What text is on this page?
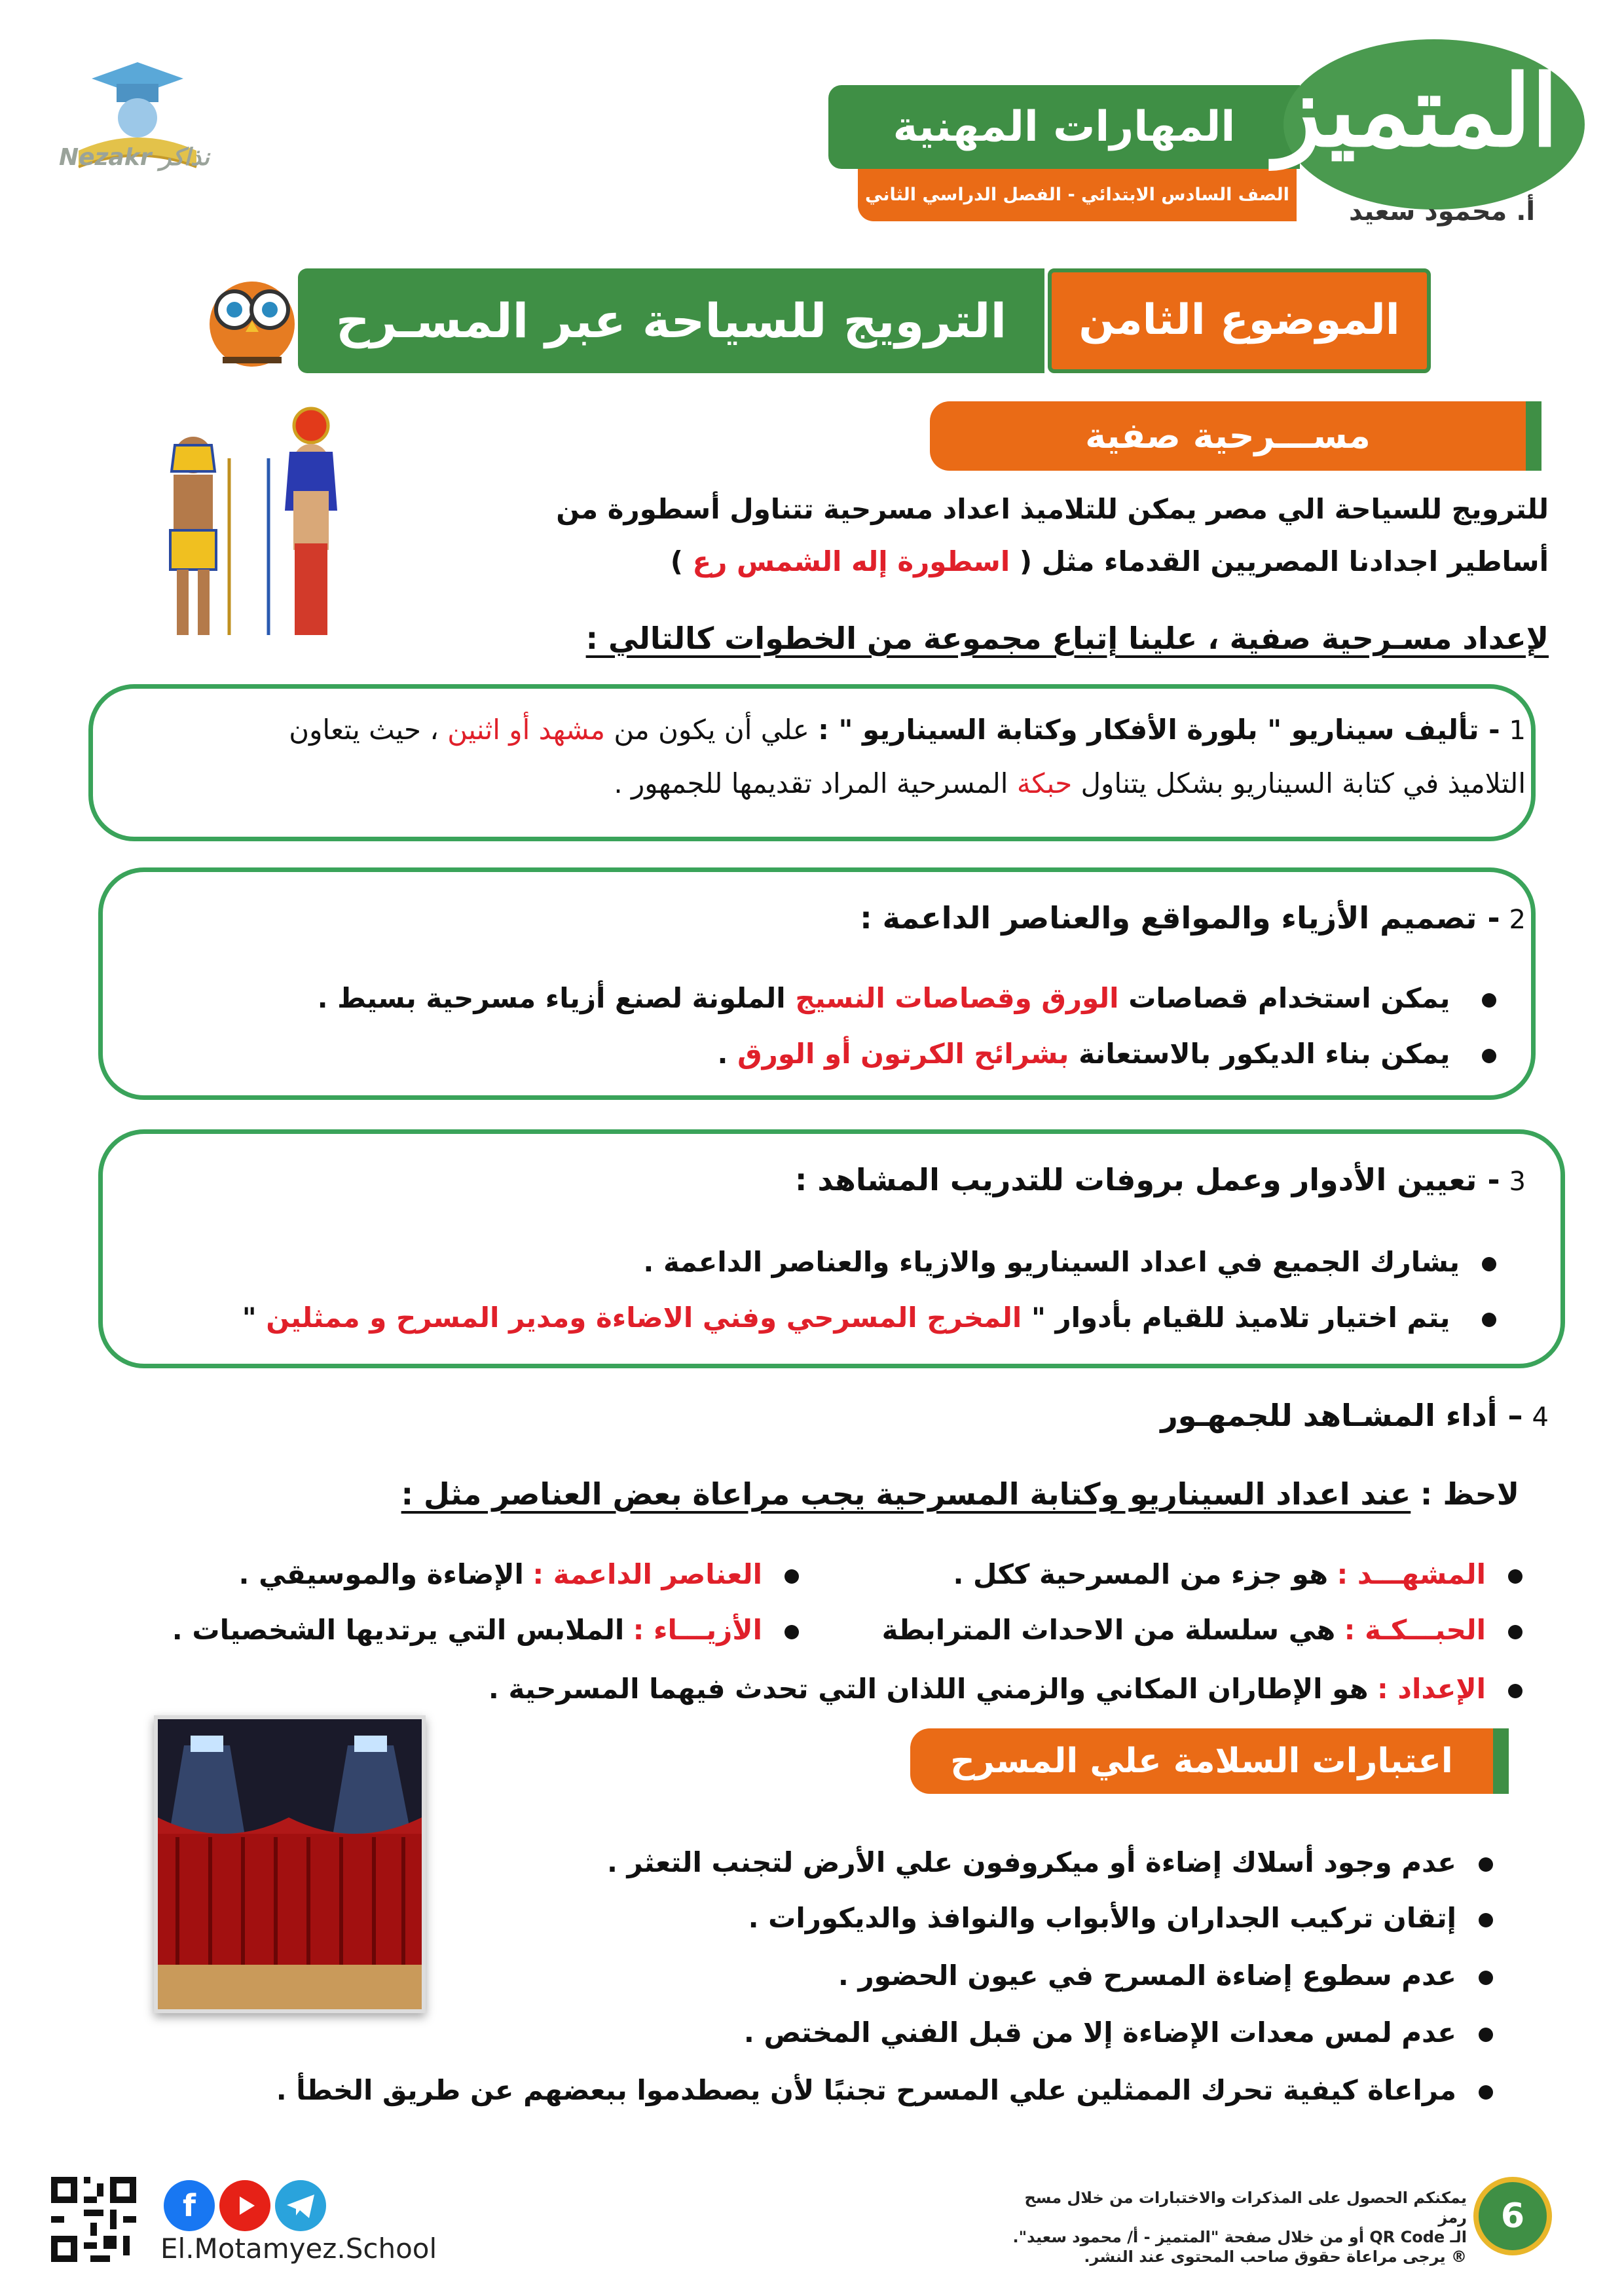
Nezakr نذاكر
المهارات المهنية
الصف السادس الابتدائي - الفصل الدراسي الثاني
المتميز
أ. محمود سعيد
الترويج للسياحة عبر المسـرح	الموضوع الثامن
مســـرحية صفية
للترويج للسياحة الي مصر يمكن للتلاميذ اعداد مسرحية تتناول أسطورة من
أساطير اجدادنا المصريين القدماء مثل ( اسطورة إله الشمس رع )
لإعداد مسـرحية صفية ، علينا إتباع مجموعة من الخطوات كالتالي :
1- تأليف سيناريو " بلورة الأفكار وكتابة السيناريو " : علي أن يكون من مشهد أو اثنين ، حيث يتعاون
التلاميذ في كتابة السيناريو بشكل يتناول حبكة المسرحية المراد تقديمها للجمهور .
2- تصميم الأزياء والمواقع والعناصر الداعمة :
يمكن استخدام قصاصات الورق وقصاصات النسيج الملونة لصنع أزياء مسرحية بسيط .
يمكن بناء الديكور بالاستعانة بشرائح الكرتون أو الورق .
3- تعيين الأدوار وعمل بروفات للتدريب المشاهد :
يشارك الجميع في اعداد السيناريو والازياء والعناصر الداعمة .
يتم اختيار تلاميذ للقيام بأدوار " المخرج المسرحي وفني الاضاءة ومدير المسرح و ممثلين "
4– أداء المشـاهد للجمهـور
لاحظ : عند اعداد السيناريو وكتابة المسرحية يجب مراعاة بعض العناصر مثل :
المشهـــد : هو جزء من المسرحية ككل .
العناصر الداعمة : الإضاءة والموسيقي .
الحبـــكـة : هي سلسلة من الاحداث المترابطة
الأزيـــاء : الملابس التي يرتديها الشخصيات .
الإعداد : هو الإطاران المكاني والزمني اللذان التي تحدث فيهما المسرحية .
اعتبارات السلامة علي المسرح
عدم وجود أسلاك إضاءة أو ميكروفون علي الأرض لتجنب التعثر .
إتقان تركيب الجداران والأبواب والنوافذ والديكورات .
عدم سطوع إضاءة المسرح في عيون الحضور .
عدم لمس معدات الإضاءة إلا من قبل الفني المختص .
مراعاة كيفية تحرك الممثلين علي المسرح تجنبًا لأن يصطدموا ببعضهم عن طريق الخطأ .
6
يمكنكم الحصول على المذكرات والاختبارات من خلال مسح رمز
الـ QR Code أو من خلال صفحة "المتميز - أ/ محمود سعيد".
® يرجى مراعاة حقوق صاحب المحتوى عند النشر.
f
El.Motamyez.School
